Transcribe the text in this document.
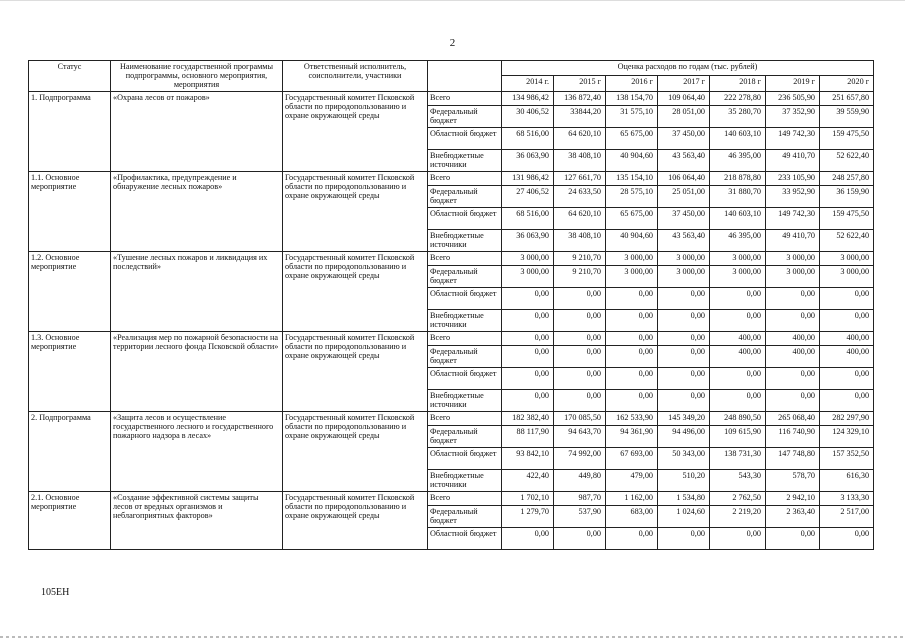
2
Статус	Наименование государственной программы подпрограммы, основного мероприятия, мероприятия	Ответственный исполнитель, соисполнители, участники		Оценка расходов по годам (тыс. рублей)						
				2014 г.	2015 г	2016 г	2017 г	2018 г	2019 г	2020 г
1. Подпрограмма	«Охрана лесов от пожаров»	Государственный комитет Псковской области по природопользованию и охране окружающей среды	Всего	134 986,42	136 872,40	138 154,70	109 064,40	222 278,80	236 505,90	251 657,80
			Федеральный бюджет	30 406,52	33844,20	31 575,10	28 051,00	35 280,70	37 352,90	39 559,90
			Областной бюджет	68 516,00	64 620,10	65 675,00	37 450,00	140 603,10	149 742,30	159 475,50
			Внебюджетные источники	36 063,90	38 408,10	40 904,60	43 563,40	46 395,00	49 410,70	52 622,40
1.1. Основное мероприятие	«Профилактика, предупреждение и обнаружение лесных пожаров»	Государственный комитет Псковской области по природопользованию и охране окружающей среды	Всего	131 986,42	127 661,70	135 154,10	106 064,40	218 878,80	233 105,90	248 257,80
			Федеральный бюджет	27 406,52	24 633,50	28 575,10	25 051,00	31 880,70	33 952,90	36 159,90
			Областной бюджет	68 516,00	64 620,10	65 675,00	37 450,00	140 603,10	149 742,30	159 475,50
			Внебюджетные источники	36 063,90	38 408,10	40 904,60	43 563,40	46 395,00	49 410,70	52 622,40
1.2. Основное мероприятие	«Тушение лесных пожаров и ликвидация их последствий»	Государственный комитет Псковской области по природопользованию и охране окружающей среды	Всего	3 000,00	9 210,70	3 000,00	3 000,00	3 000,00	3 000,00	3 000,00
			Федеральный бюджет	3 000,00	9 210,70	3 000,00	3 000,00	3 000,00	3 000,00	3 000,00
			Областной бюджет	0,00	0,00	0,00	0,00	0,00	0,00	0,00
			Внебюджетные источники	0,00	0,00	0,00	0,00	0,00	0,00	0,00
1.3. Основное мероприятие	«Реализация мер по пожарной безопасности на территории лесного фонда Псковской области»	Государственный комитет Псковской области по природопользованию и охране окружающей среды	Всего	0,00	0,00	0,00	0,00	400,00	400,00	400,00
			Федеральный бюджет	0,00	0,00	0,00	0,00	400,00	400,00	400,00
			Областной бюджет	0,00	0,00	0,00	0,00	0,00	0,00	0,00
			Внебюджетные источники	0,00	0,00	0,00	0,00	0,00	0,00	0,00
2. Подпрограмма	«Защита лесов и осуществление государственного лесного и государственного пожарного надзора в лесах»	Государственный комитет Псковской области по природопользованию и охране окружающей среды	Всего	182 382,40	170 085,50	162 533,90	145 349,20	248 890,50	265 068,40	282 297,90
			Федеральный бюджет	88 117,90	94 643,70	94 361,90	94 496,00	109 615,90	116 740,90	124 329,10
			Областной бюджет	93 842,10	74 992,00	67 693,00	50 343,00	138 731,30	147 748,80	157 352,50
			Внебюджетные источники	422,40	449,80	479,00	510,20	543,30	578,70	616,30
2.1. Основное мероприятие	«Создание эффективной системы защиты лесов от вредных организмов и неблагоприятных факторов»	Государственный комитет Псковской области по природопользованию и охране окружающей среды	Всего	1 702,10	987,70	1 162,00	1 534,80	2 762,50	2 942,10	3 133,30
			Федеральный бюджет	1 279,70	537,90	683,00	1 024,60	2 219,20	2 363,40	2 517,00
			Областной бюджет	0,00	0,00	0,00	0,00	0,00	0,00	0,00
105ЕН
